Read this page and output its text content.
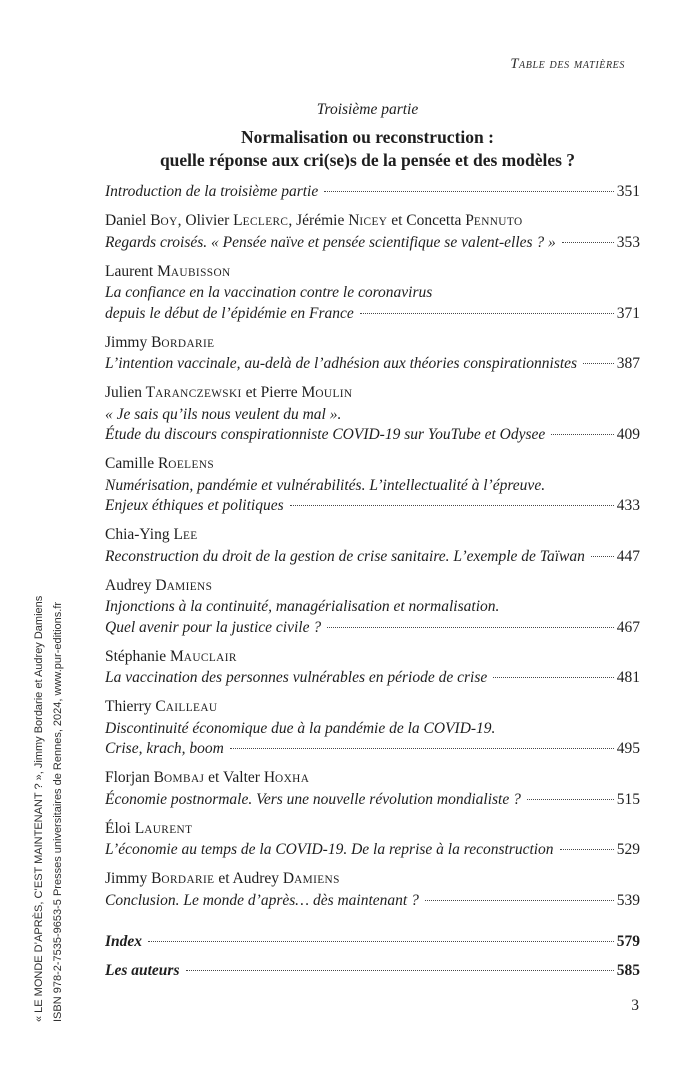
Table des matières
Troisième partie
Normalisation ou reconstruction :
quelle réponse aux cri(se)s de la pensée et des modèles ?
Introduction de la troisième partie	351
Daniel BOY, Olivier LECLERC, Jérémie NICEY et Concetta PENNUTO
Regards croisés. « Pensée naïve et pensée scientifique se valent-elles ? »	353
Laurent MAUBISSON
La confiance en la vaccination contre le coronavirus
depuis le début de l’épidémie en France	371
Jimmy BORDARIE
L’intention vaccinale, au-delà de l’adhésion aux théories conspirationnistes	387
Julien TARANCZEWSKI et Pierre MOULIN
« Je sais qu’ils nous veulent du mal ».
Étude du discours conspirationniste COVID-19 sur YouTube et Odysee	409
Camille ROELENS
Numérisation, pandémie et vulnérabilités. L’intellectualité à l’épreuve.
Enjeux éthiques et politiques	433
Chia-Ying LEE
Reconstruction du droit de la gestion de crise sanitaire. L’exemple de Taïwan 447
Audrey DAMIENS
Injonctions à la continuité, managérialisation et normalisation.
Quel avenir pour la justice civile ?	467
Stéphanie MAUCLAIR
La vaccination des personnes vulnérables en période de crise	481
Thierry CAILLEAU
Discontinuité économique due à la pandémie de la COVID-19.
Crise, krach, boom	495
Florjan BOMBAJ et Valter HOXHA
Économie postnormale. Vers une nouvelle révolution mondialiste ?	515
Éloi LAURENT
L’économie au temps de la COVID-19. De la reprise à la reconstruction	529
Jimmy BORDARIE et Audrey DAMIENS
Conclusion. Le monde d’après… dès maintenant ?	539
Index	579
Les auteurs	585
« LE MONDE D’APRÈS, C’EST MAINTENANT ? », Jimmy Bordarie et Audrey Damiens ISBN 978-2-7535-9653-5 Presses universitaires de Rennes, 2024, www.pur-editions.fr	3
